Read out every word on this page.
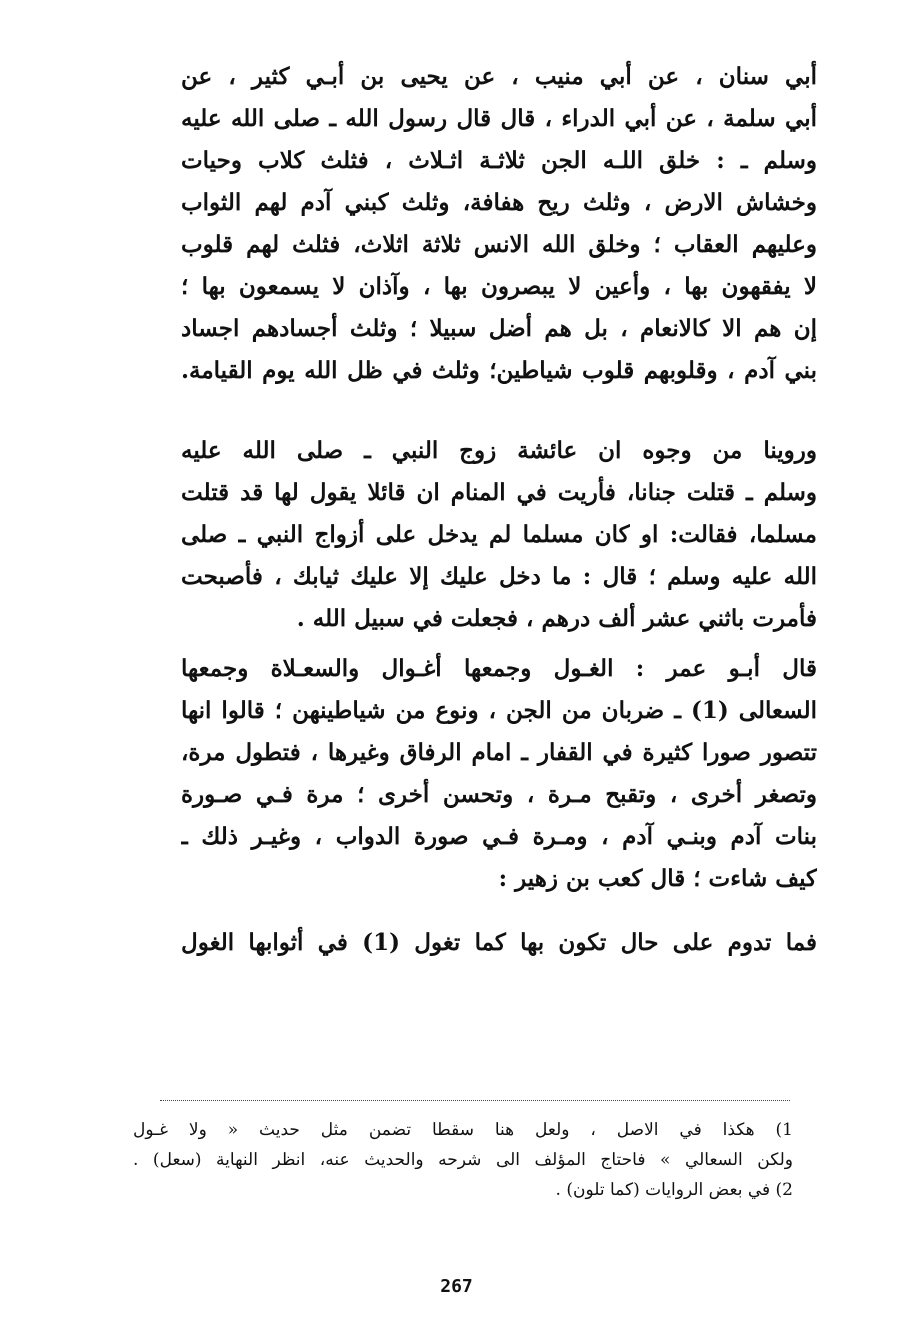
أبي سنان ، عن أبي منيب ، عن يحيى بن أبـي كثير ، عن
أبي سلمة ، عن أبي الدراء ، قال قال رسول الله ـ صلى الله عليه
وسلم ـ : خلق اللـه الجن ثلاثـة اثـلاث ، فثلث كلاب وحيات
وخشاش الارض ، وثلث ريح هفافة، وثلث كبني آدم لهم الثواب
وعليهم العقاب ؛ وخلق الله الانس ثلاثة اثلاث، فثلث لهم قلوب
لا يفقهون بها ، وأعين لا يبصرون بها ، وآذان لا يسمعون بها ؛
إن هم الا كالانعام ، بل هم أضل سبيلا ؛ وثلث أجسادهم اجساد
بني آدم ، وقلوبهم قلوب شياطين؛ وثلث في ظل الله يوم القيامة.
وروينا من وجوه ان عائشة زوج النبي ـ صلى الله عليه
وسلم ـ قتلت جنانا، فأريت في المنام ان قائلا يقول لها قد قتلت
مسلما، فقالت: او كان مسلما لم يدخل على أزواج النبي ـ صلى
الله عليه وسلم ؛ قال : ما دخل عليك إلا عليك ثيابك ، فأصبحت
فأمرت باثني عشر ألف درهم ، فجعلت في سبيل الله .
قال أبـو عمر : الغـول وجمعها أغـوال والسعـلاة وجمعها
السعالى (1) ـ ضربان من الجن ، ونوع من شياطينهن ؛ قالوا انها
تتصور صورا كثيرة في القفار ـ امام الرفاق وغيرها ، فتطول مرة،
وتصغر أخرى ، وتقبح مـرة ، وتحسن أخرى ؛ مرة فـي صـورة
بنات آدم وبنـي آدم ، ومـرة فـي صورة الدواب ، وغيـر ذلك ـ
كيف شاءت ؛ قال كعب بن زهير :
فما تدوم على حال تكون بها كما تغول (1) في أثوابها الغول
1) هكذا في الاصل ، ولعل هنا سقطا تضمن مثل حديث « ولا غـول
ولكن السعالي » فاحتاج المؤلف الى شرحه والحديث عنه، انظر النهاية (سعل) .
2) في بعض الروايات (كما تلون) .
267
